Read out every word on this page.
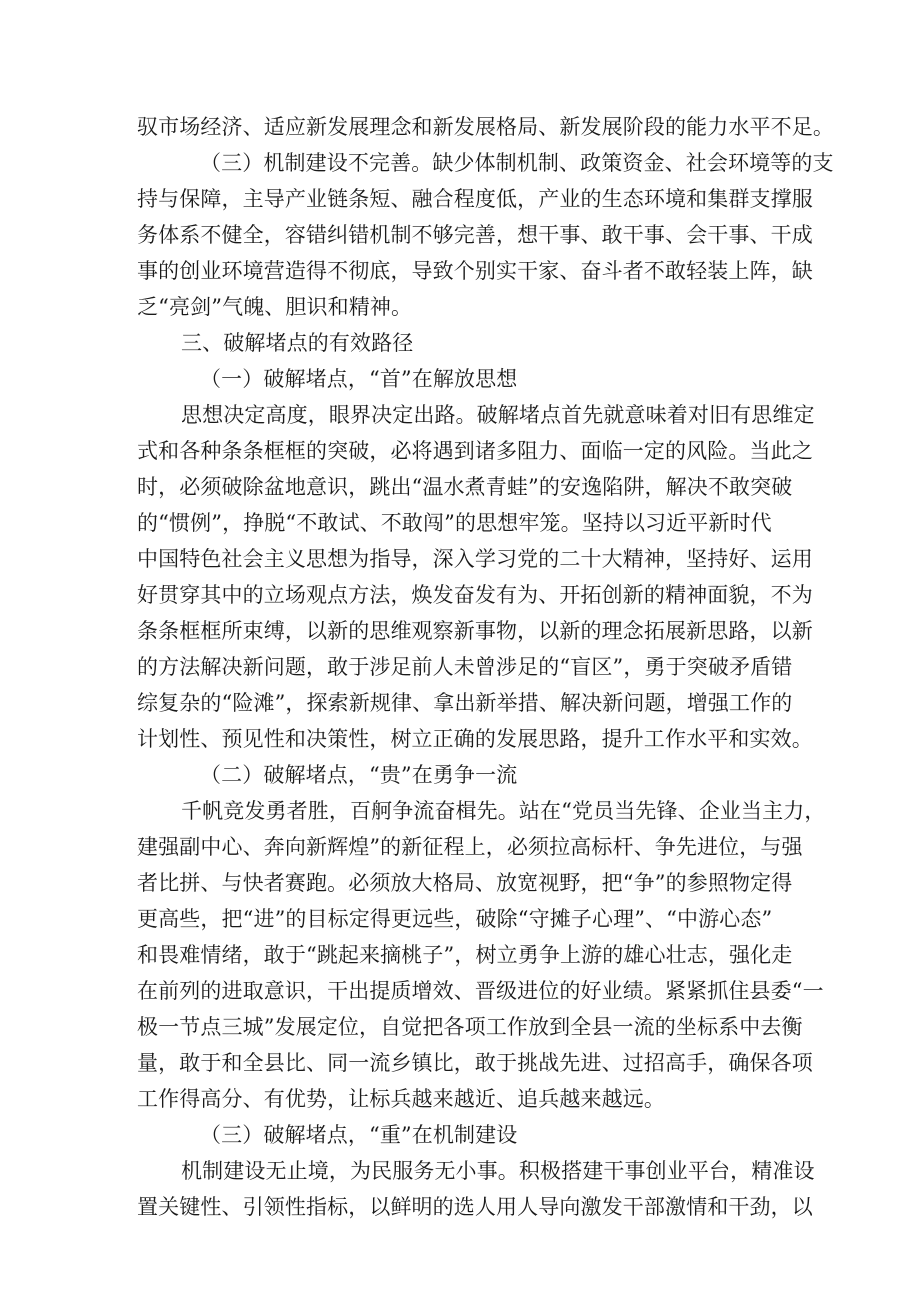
驭市场经济、适应新发展理念和新发展格局、新发展阶段的能力水平不足。
（三）机制建设不完善。缺少体制机制、政策资金、社会环境等的支
持与保障，主导产业链条短、融合程度低，产业的生态环境和集群支撑服
务体系不健全，容错纠错机制不够完善，想干事、敢干事、会干事、干成
事的创业环境营造得不彻底，导致个别实干家、奋斗者不敢轻装上阵，缺
乏“亮剑”气魄、胆识和精神。
三、破解堵点的有效路径
（一）破解堵点，“首”在解放思想
思想决定高度，眼界决定出路。破解堵点首先就意味着对旧有思维定
式和各种条条框框的突破，必将遇到诸多阻力、面临一定的风险。当此之
时，必须破除盆地意识，跳出“温水煮青蛙”的安逸陷阱，解决不敢突破
的“惯例”，挣脱“不敢试、不敢闯”的思想牢笼。坚持以习近平新时代
中国特色社会主义思想为指导，深入学习党的二十大精神，坚持好、运用
好贯穿其中的立场观点方法，焕发奋发有为、开拓创新的精神面貌，不为
条条框框所束缚，以新的思维观察新事物，以新的理念拓展新思路，以新
的方法解决新问题，敢于涉足前人未曾涉足的“盲区”，勇于突破矛盾错
综复杂的“险滩”，探索新规律、拿出新举措、解决新问题，增强工作的
计划性、预见性和决策性，树立正确的发展思路，提升工作水平和实效。
（二）破解堵点，“贵”在勇争一流
千帆竞发勇者胜，百舸争流奋楫先。站在“党员当先锋、企业当主力，
建强副中心、奔向新辉煌”的新征程上，必须拉高标杆、争先进位，与强
者比拼、与快者赛跑。必须放大格局、放宽视野，把“争”的参照物定得
更高些，把“进”的目标定得更远些，破除“守摊子心理”、“中游心态”
和畏难情绪，敢于“跳起来摘桃子”，树立勇争上游的雄心壮志，强化走
在前列的进取意识，干出提质增效、晋级进位的好业绩。紧紧抓住县委“一
极一节点三城”发展定位，自觉把各项工作放到全县一流的坐标系中去衡
量，敢于和全县比、同一流乡镇比，敢于挑战先进、过招高手，确保各项
工作得高分、有优势，让标兵越来越近、追兵越来越远。
（三）破解堵点，“重”在机制建设
机制建设无止境，为民服务无小事。积极搭建干事创业平台，精准设
置关键性、引领性指标，以鲜明的选人用人导向激发干部激情和干劲，以
